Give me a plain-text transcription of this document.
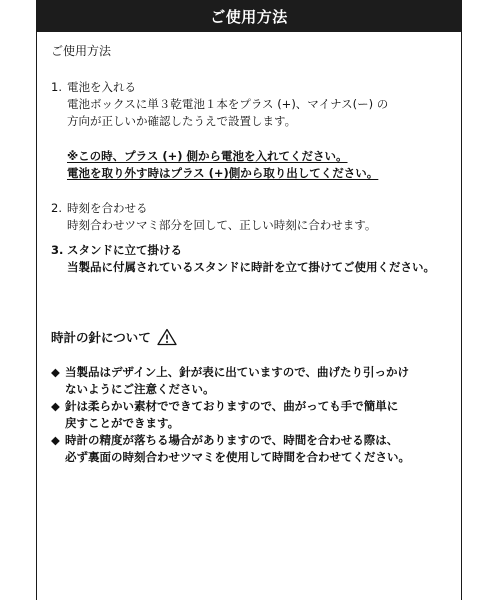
ご使用方法
ご使用方法
1. 電池を入れる
電池ボックスに単３乾電池１本をプラス (+)、マイナス(ー) の
方向が正しいか確認したうえで設置します。
※この時、プラス (+) 側から電池を入れてください。
電池を取り外す時はプラス (+)側から取り出してください。
2. 時刻を合わせる
時刻合わせツマミ部分を回して、正しい時刻に合わせます。
3. スタンドに立て掛ける
当製品に付属されているスタンドに時計を立て掛けてご使用ください。
時計の針について
◆ 当製品はデザイン上、針が表に出ていますので、曲げたり引っかけ
ないようにご注意ください。
◆ 針は柔らかい素材でできておりますので、曲がっても手で簡単に
戻すことができます。
◆ 時計の精度が落ちる場合がありますので、時間を合わせる際は、
必ず裏面の時刻合わせツマミを使用して時間を合わせてください。
